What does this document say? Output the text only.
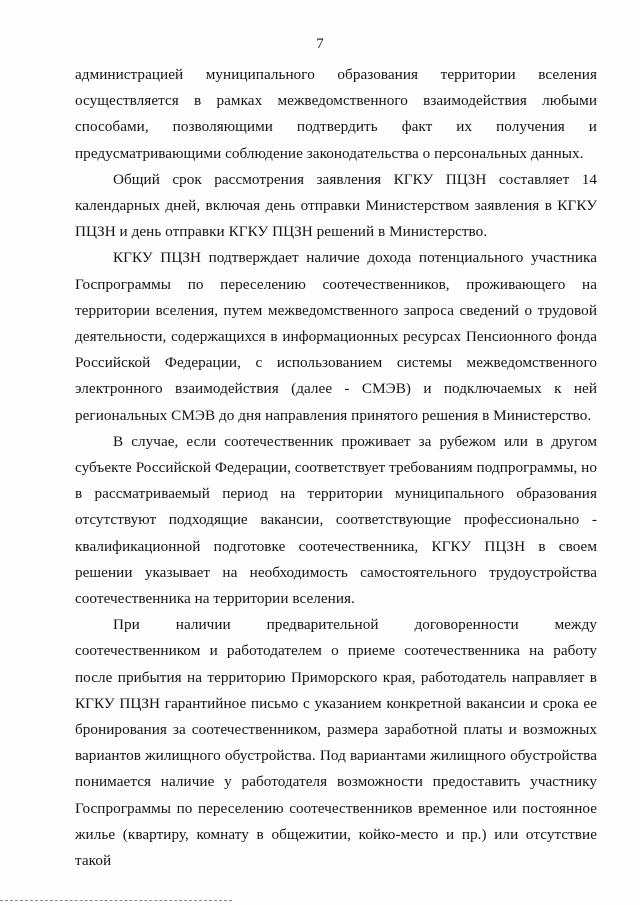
7

администрацией муниципального образования территории вселения осуществляется в рамках межведомственного взаимодействия любыми способами, позволяющими подтвердить факт их получения и предусматривающими соблюдение законодательства о персональных данных.

Общий срок рассмотрения заявления КГКУ ПЦЗН составляет 14 календарных дней, включая день отправки Министерством заявления в КГКУ ПЦЗН и день отправки КГКУ ПЦЗН решений в Министерство.

КГКУ ПЦЗН подтверждает наличие дохода потенциального участника Госпрограммы по переселению соотечественников, проживающего на территории вселения, путем межведомственного запроса сведений о трудовой деятельности, содержащихся в информационных ресурсах Пенсионного фонда Российской Федерации, с использованием системы межведомственного электронного взаимодействия (далее - СМЭВ) и подключаемых к ней региональных СМЭВ до дня направления принятого решения в Министерство.

В случае, если соотечественник проживает за рубежом или в другом субъекте Российской Федерации, соответствует требованиям подпрограммы, но в рассматриваемый период на территории муниципального образования отсутствуют подходящие вакансии, соответствующие профессионально - квалификационной подготовке соотечественника, КГКУ ПЦЗН в своем решении указывает на необходимость самостоятельного трудоустройства соотечественника на территории вселения.

При наличии предварительной договоренности между соотечественником и работодателем о приеме соотечественника на работу после прибытия на территорию Приморского края, работодатель направляет в КГКУ ПЦЗН гарантийное письмо с указанием конкретной вакансии и срока ее бронирования за соотечественником, размера заработной платы и возможных вариантов жилищного обустройства. Под вариантами жилищного обустройства понимается наличие у работодателя возможности предоставить участнику Госпрограммы по переселению соотечественников временное или постоянное жилье (квартиру, комнату в общежитии, койко-место и пр.) или отсутствие такой
